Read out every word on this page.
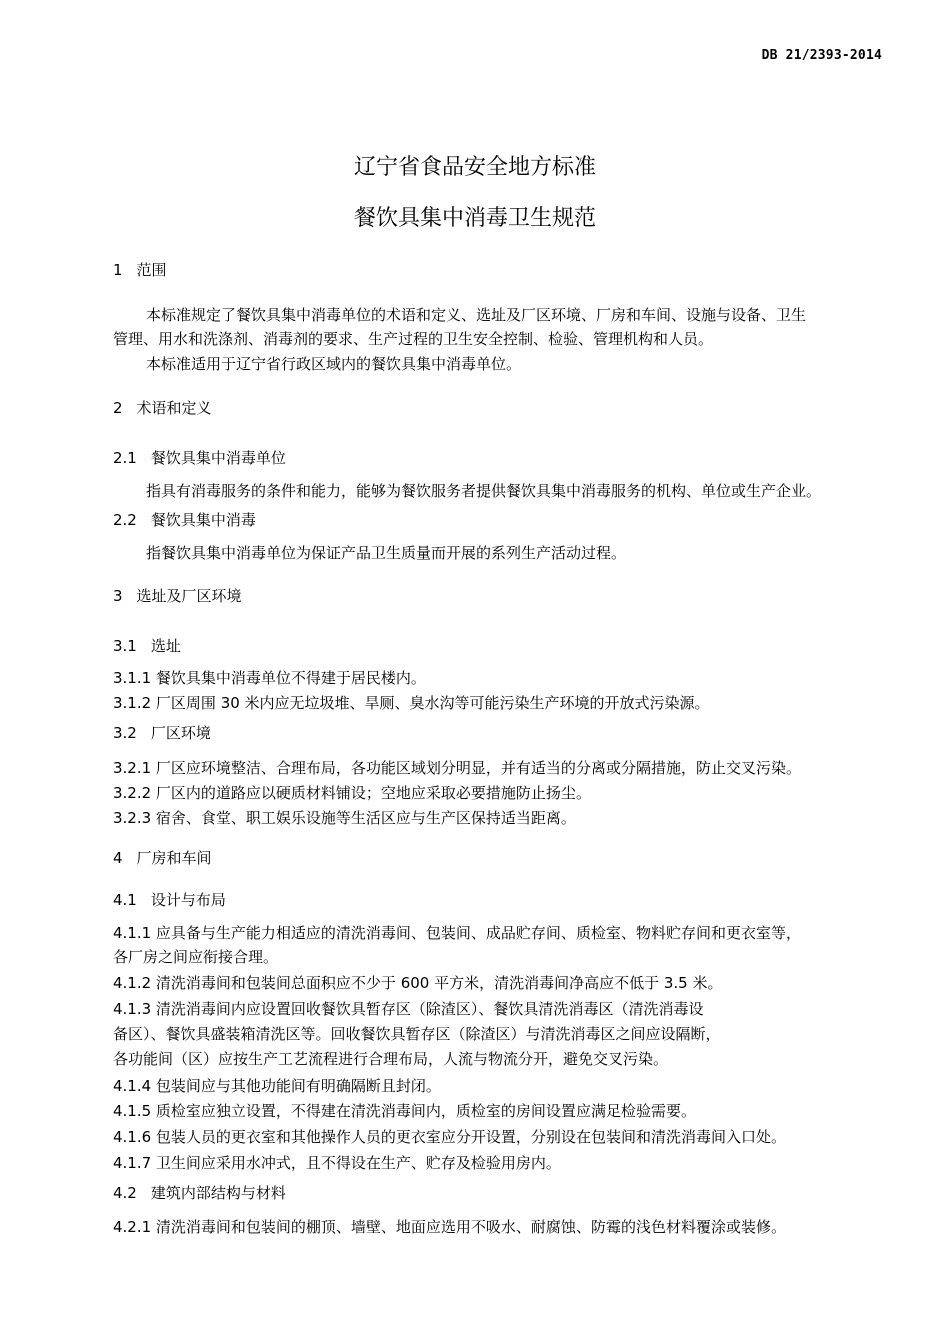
DB 21/2393-2014
辽宁省食品安全地方标准
餐饮具集中消毒卫生规范
1 范围
本标准规定了餐饮具集中消毒单位的术语和定义、选址及厂区环境、厂房和车间、设施与设备、卫生
管理、用水和洗涤剂、消毒剂的要求、生产过程的卫生安全控制、检验、管理机构和人员。
本标准适用于辽宁省行政区域内的餐饮具集中消毒单位。
2 术语和定义
2.1 餐饮具集中消毒单位
指具有消毒服务的条件和能力，能够为餐饮服务者提供餐饮具集中消毒服务的机构、单位或生产企业。
2.2 餐饮具集中消毒
指餐饮具集中消毒单位为保证产品卫生质量而开展的系列生产活动过程。
3 选址及厂区环境
3.1 选址
3.1.1 餐饮具集中消毒单位不得建于居民楼内。
3.1.2 厂区周围 30 米内应无垃圾堆、旱厕、臭水沟等可能污染生产环境的开放式污染源。
3.2 厂区环境
3.2.1 厂区应环境整洁、合理布局，各功能区域划分明显，并有适当的分离或分隔措施，防止交叉污染。
3.2.2 厂区内的道路应以硬质材料铺设；空地应采取必要措施防止扬尘。
3.2.3 宿舍、食堂、职工娱乐设施等生活区应与生产区保持适当距离。
4 厂房和车间
4.1 设计与布局
4.1.1 应具备与生产能力相适应的清洗消毒间、包装间、成品贮存间、质检室、物料贮存间和更衣室等，
各厂房之间应衔接合理。
4.1.2 清洗消毒间和包装间总面积应不少于 600 平方米，清洗消毒间净高应不低于 3.5 米。
4.1.3 清洗消毒间内应设置回收餐饮具暂存区（除渣区）、餐饮具清洗消毒区（清洗消毒设
备区）、餐饮具盛装箱清洗区等。回收餐饮具暂存区（除渣区）与清洗消毒区之间应设隔断，
各功能间（区）应按生产工艺流程进行合理布局，人流与物流分开，避免交叉污染。
4.1.4 包装间应与其他功能间有明确隔断且封闭。
4.1.5 质检室应独立设置，不得建在清洗消毒间内，质检室的房间设置应满足检验需要。
4.1.6 包装人员的更衣室和其他操作人员的更衣室应分开设置，分别设在包装间和清洗消毒间入口处。
4.1.7 卫生间应采用水冲式，且不得设在生产、贮存及检验用房内。
4.2 建筑内部结构与材料
4.2.1 清洗消毒间和包装间的棚顶、墙壁、地面应选用不吸水、耐腐蚀、防霉的浅色材料覆涂或装修。
